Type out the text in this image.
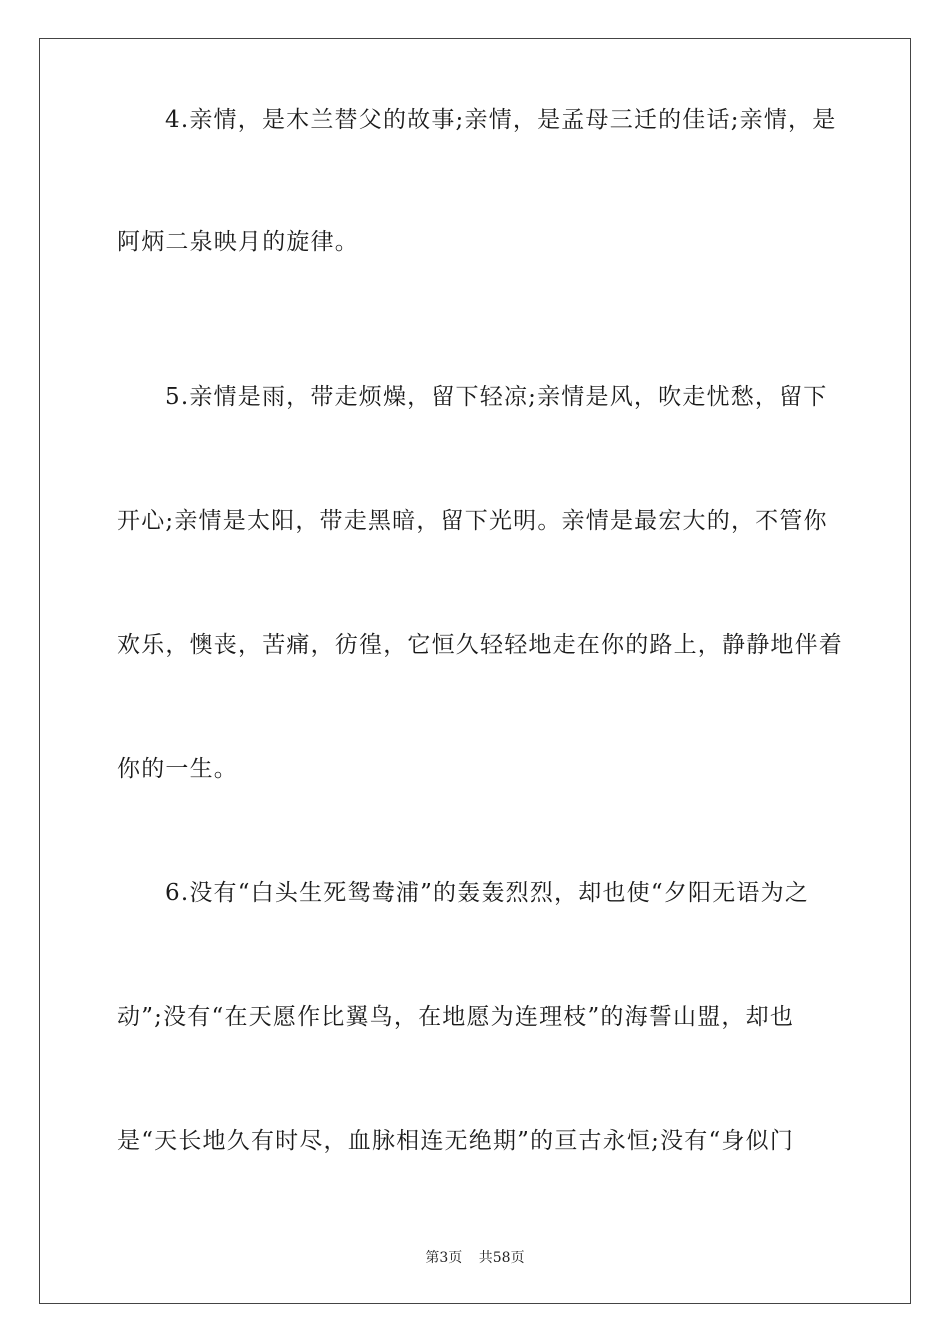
4.亲情，是木兰替父的故事;亲情，是孟母三迁的佳话;亲情，是
阿炳二泉映月的旋律。
5.亲情是雨，带走烦燥，留下轻凉;亲情是风，吹走忧愁，留下
开心;亲情是太阳，带走黑暗，留下光明。亲情是最宏大的，不管你
欢乐，懊丧，苦痛，彷徨，它恒久轻轻地走在你的路上，静静地伴着
你的一生。
6.没有“白头生死鸳鸯浦”的轰轰烈烈，却也使“夕阳无语为之
动”;没有“在天愿作比翼鸟，在地愿为连理枝”的海誓山盟，却也
是“天长地久有时尽，血脉相连无绝期”的亘古永恒;没有“身似门
第3页 共58页
